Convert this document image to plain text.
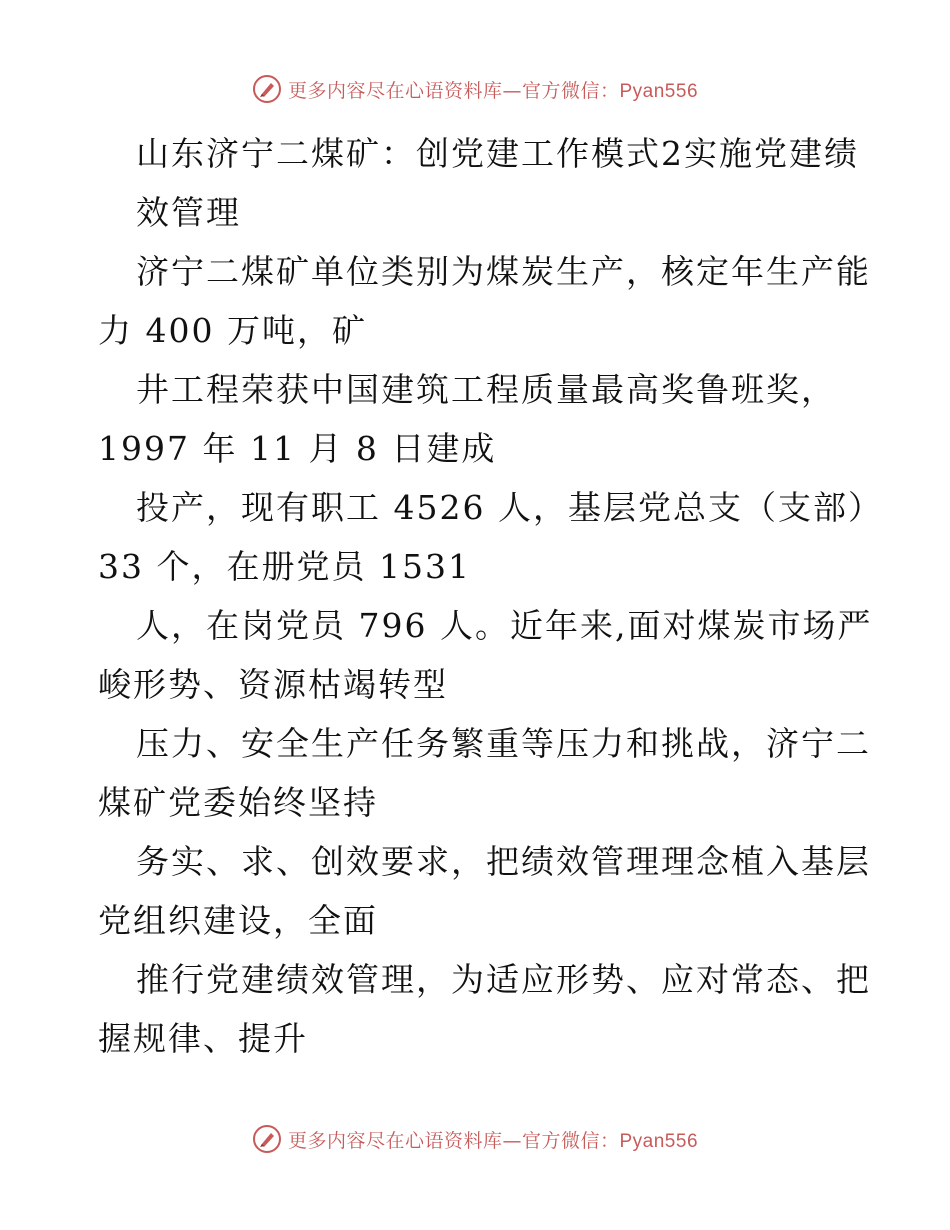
更多内容尽在心语资料库—官方微信：Pyan556
山东济宁二煤矿：创党建工作模式2实施党建绩
效管理
济宁二煤矿单位类别为煤炭生产，核定年生产能
力 400 万吨，矿
井工程荣获中国建筑工程质量最高奖鲁班奖，
1997 年 11 月 8 日建成
投产，现有职工 4526 人，基层党总支（支部）
33 个，在册党员 1531
人，在岗党员 796 人。近年来,面对煤炭市场严
峻形势、资源枯竭转型
压力、安全生产任务繁重等压力和挑战，济宁二
煤矿党委始终坚持
务实、求、创效要求，把绩效管理理念植入基层
党组织建设，全面
推行党建绩效管理，为适应形势、应对常态、把
握规律、提升
更多内容尽在心语资料库—官方微信：Pyan556
